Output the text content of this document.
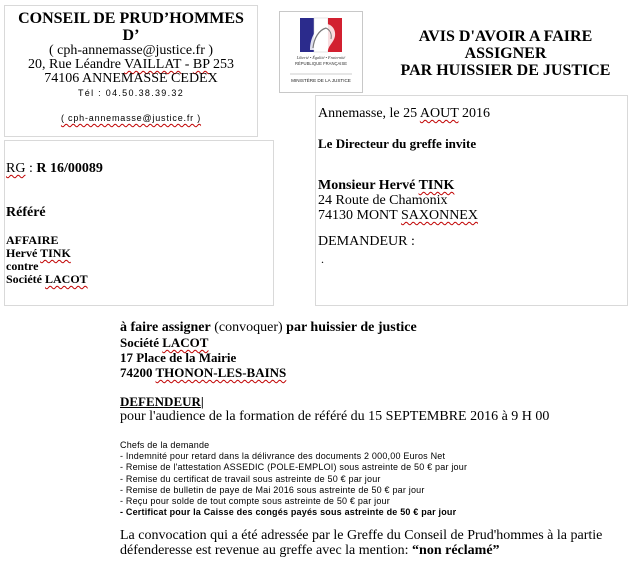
CONSEIL DE PRUD’HOMMES
D’
( cph-annemasse@justice.fr )
20, Rue Léandre VAILLAT - BP 253
74106 ANNEMASSE CEDEX
Tél : 04.50.38.39.32
( cph-annemasse@justice.fr )
Liberté • Égalité • Fraternité
RÉPUBLIQUE FRANÇAISE
MINISTÈRE DE LA JUSTICE
AVIS D'AVOIR A FAIRE
ASSIGNER
PAR HUISSIER DE JUSTICE
RG : R 16/00089
Référé
AFFAIRE
Hervé TINK
contre
Société LACOT
Annemasse, le 25 AOUT 2016
Le Directeur du greffe invite
Monsieur Hervé TINK
24 Route de Chamonix
74130 MONT SAXONNEX
DEMANDEUR :
.
à faire assigner (convoquer) par huissier de justice
Société LACOT
17 Place de la Mairie
74200 THONON-LES-BAINS
DEFENDEUR|
pour l'audience de la formation de référé du 15 SEPTEMBRE 2016 à 9 H 00
Chefs de la demande
- Indemnité pour retard dans la délivrance des documents 2 000,00 Euros Net
- Remise de l'attestation ASSEDIC (POLE-EMPLOI) sous astreinte de 50 € par jour
- Remise du certificat de travail sous astreinte de 50 € par jour
- Remise de bulletin de paye de Mai 2016 sous astreinte de 50 € par jour
- Reçu pour solde de tout compte sous astreinte de 50 € par jour
- Certificat pour la Caisse des congés payés sous astreinte de 50 € par jour
La convocation qui a été adressée par le Greffe du Conseil de Prud'hommes à la partie
défenderesse est revenue au greffe avec la mention: “non réclamé”
